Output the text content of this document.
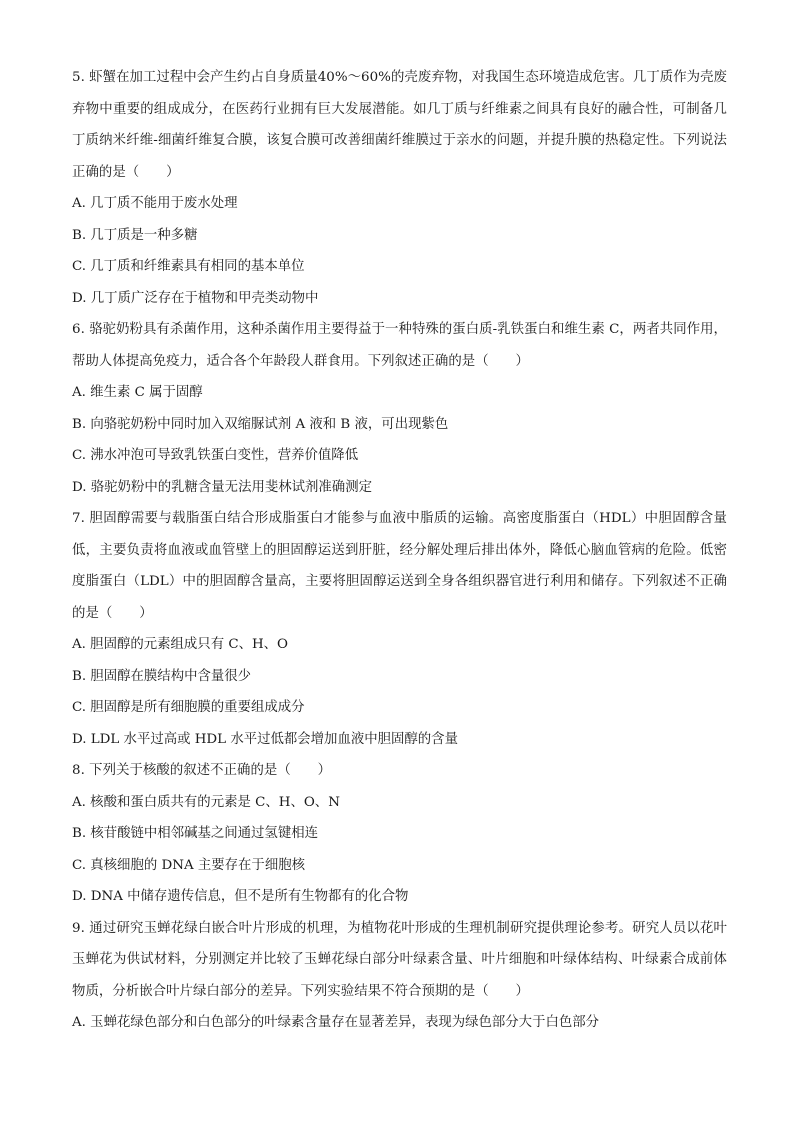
5. 虾蟹在加工过程中会产生约占自身质量40%～60%的壳废弃物，对我国生态环境造成危害。几丁质作为壳废弃物中重要的组成成分，在医药行业拥有巨大发展潜能。如几丁质与纤维素之间具有良好的融合性，可制备几丁质纳米纤维-细菌纤维复合膜，该复合膜可改善细菌纤维膜过于亲水的问题，并提升膜的热稳定性。下列说法正确的是（　　）

A. 几丁质不能用于废水处理

B. 几丁质是一种多糖

C. 几丁质和纤维素具有相同的基本单位

D. 几丁质广泛存在于植物和甲壳类动物中

6. 骆驼奶粉具有杀菌作用，这种杀菌作用主要得益于一种特殊的蛋白质-乳铁蛋白和维生素 C，两者共同作用，帮助人体提高免疫力，适合各个年龄段人群食用。下列叙述正确的是（　　）

A. 维生素 C 属于固醇

B. 向骆驼奶粉中同时加入双缩脲试剂 A 液和 B 液，可出现紫色

C. 沸水冲泡可导致乳铁蛋白变性，营养价值降低

D. 骆驼奶粉中的乳糖含量无法用斐林试剂准确测定

7. 胆固醇需要与载脂蛋白结合形成脂蛋白才能参与血液中脂质的运输。高密度脂蛋白（HDL）中胆固醇含量低，主要负责将血液或血管壁上的胆固醇运送到肝脏，经分解处理后排出体外，降低心脑血管病的危险。低密度脂蛋白（LDL）中的胆固醇含量高，主要将胆固醇运送到全身各组织器官进行利用和储存。下列叙述不正确的是（　　）

A. 胆固醇的元素组成只有 C、H、O

B. 胆固醇在膜结构中含量很少

C. 胆固醇是所有细胞膜的重要组成成分

D. LDL 水平过高或 HDL 水平过低都会增加血液中胆固醇的含量

8. 下列关于核酸的叙述不正确的是（　　）

A. 核酸和蛋白质共有的元素是 C、H、O、N

B. 核苷酸链中相邻碱基之间通过氢键相连

C. 真核细胞的 DNA 主要存在于细胞核

D. DNA 中储存遗传信息，但不是所有生物都有的化合物

9. 通过研究玉蝉花绿白嵌合叶片形成的机理，为植物花叶形成的生理机制研究提供理论参考。研究人员以花叶玉蝉花为供试材料，分别测定并比较了玉蝉花绿白部分叶绿素含量、叶片细胞和叶绿体结构、叶绿素合成前体物质，分析嵌合叶片绿白部分的差异。下列实验结果不符合预期的是（　　）

A. 玉蝉花绿色部分和白色部分的叶绿素含量存在显著差异，表现为绿色部分大于白色部分
